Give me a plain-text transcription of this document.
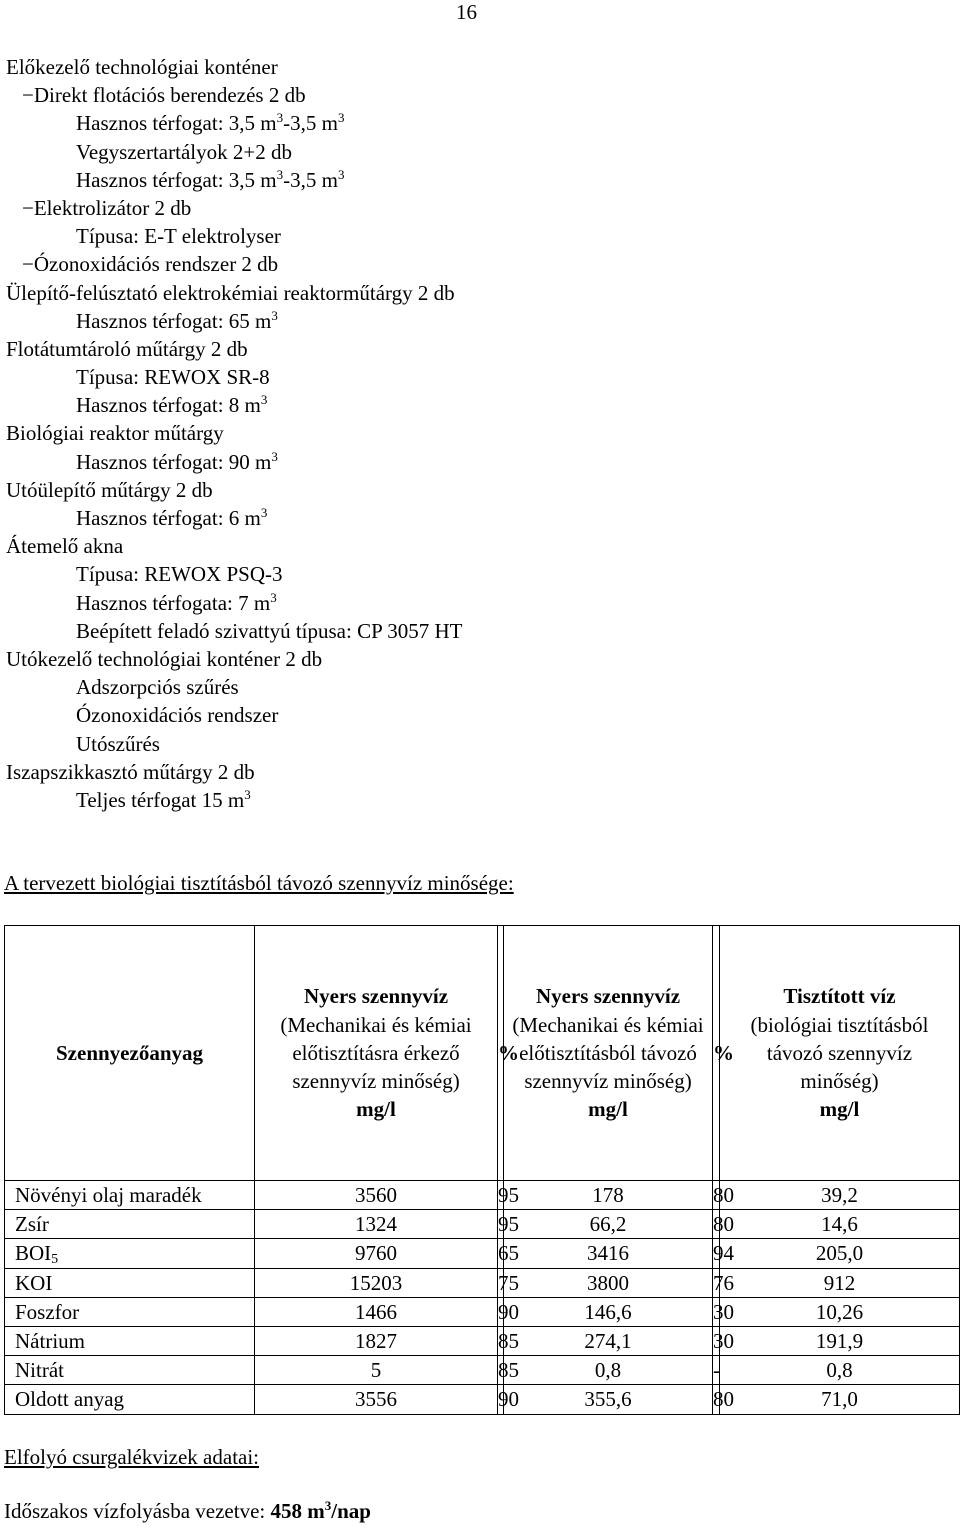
16
Előkezelő technológiai konténer
−Direkt flotációs berendezés 2 db
Hasznos térfogat: 3,5 $m^3-3,5$ $m^3$
Vegyszertartályok 2+2 db
Hasznos térfogat: 3,5 $m^3-3,5$ $m^3$
−Elektrolizátor 2 db
Típusa: E-T elektrolyser
−Ózonoxidációs rendszer 2 db
Ülepítő-felúsztató elektrokémiai reaktorműtárgy 2 db
Hasznos térfogat: 65 $m^3$
Flotátumtároló műtárgy 2 db
Típusa: REWOX SR-8
Hasznos térfogat: 8 $m^3$
Biológiai reaktor műtárgy
Hasznos térfogat: 90 $m^3$
Utóülepítő műtárgy 2 db
Hasznos térfogat: 6 $m^3$
Átemelő akna
Típusa: REWOX PSQ-3
Hasznos térfogata: 7 $m^3$
Beépített feladó szivattyú típusa: CP 3057 HT
Utókezelő technológiai konténer 2 db
Adszorpciós szűrés
Ózonoxidációs rendszer
Utószűrés
Iszapszikkasztó műtárgy 2 db
Teljes térfogat 15 $m^3$
A tervezett biológiai tisztításból távozó szennyvíz minősége:
Szennyezőanyag	Nyers szennyvíz
(Mechanikai és kémiai előtisztításra érkező szennyvíz minőség)
mg/l	%	Nyers szennyvíz
(Mechanikai és kémiai előtisztításból távozó szennyvíz minőség)
mg/l	%	Tisztított víz
(biológiai tisztításból távozó szennyvíz minőség)
mg/l
Növényi olaj maradék	3560	95	178	80	39,2
Zsír	1324	95	66,2	80	14,6
$BOI_5$	9760	65	3416	94	205,0
KOI	15203	75	3800	76	912
Foszfor	1466	90	146,6	30	10,26
Nátrium	1827	85	274,1	30	191,9
Nitrát	5	85	0,8	-	0,8
Oldott anyag	3556	90	355,6	80	71,0
Elfolyó csurgalékvizek adatai:
Időszakos vízfolyásba vezetve: 458 $m^3$/nap
